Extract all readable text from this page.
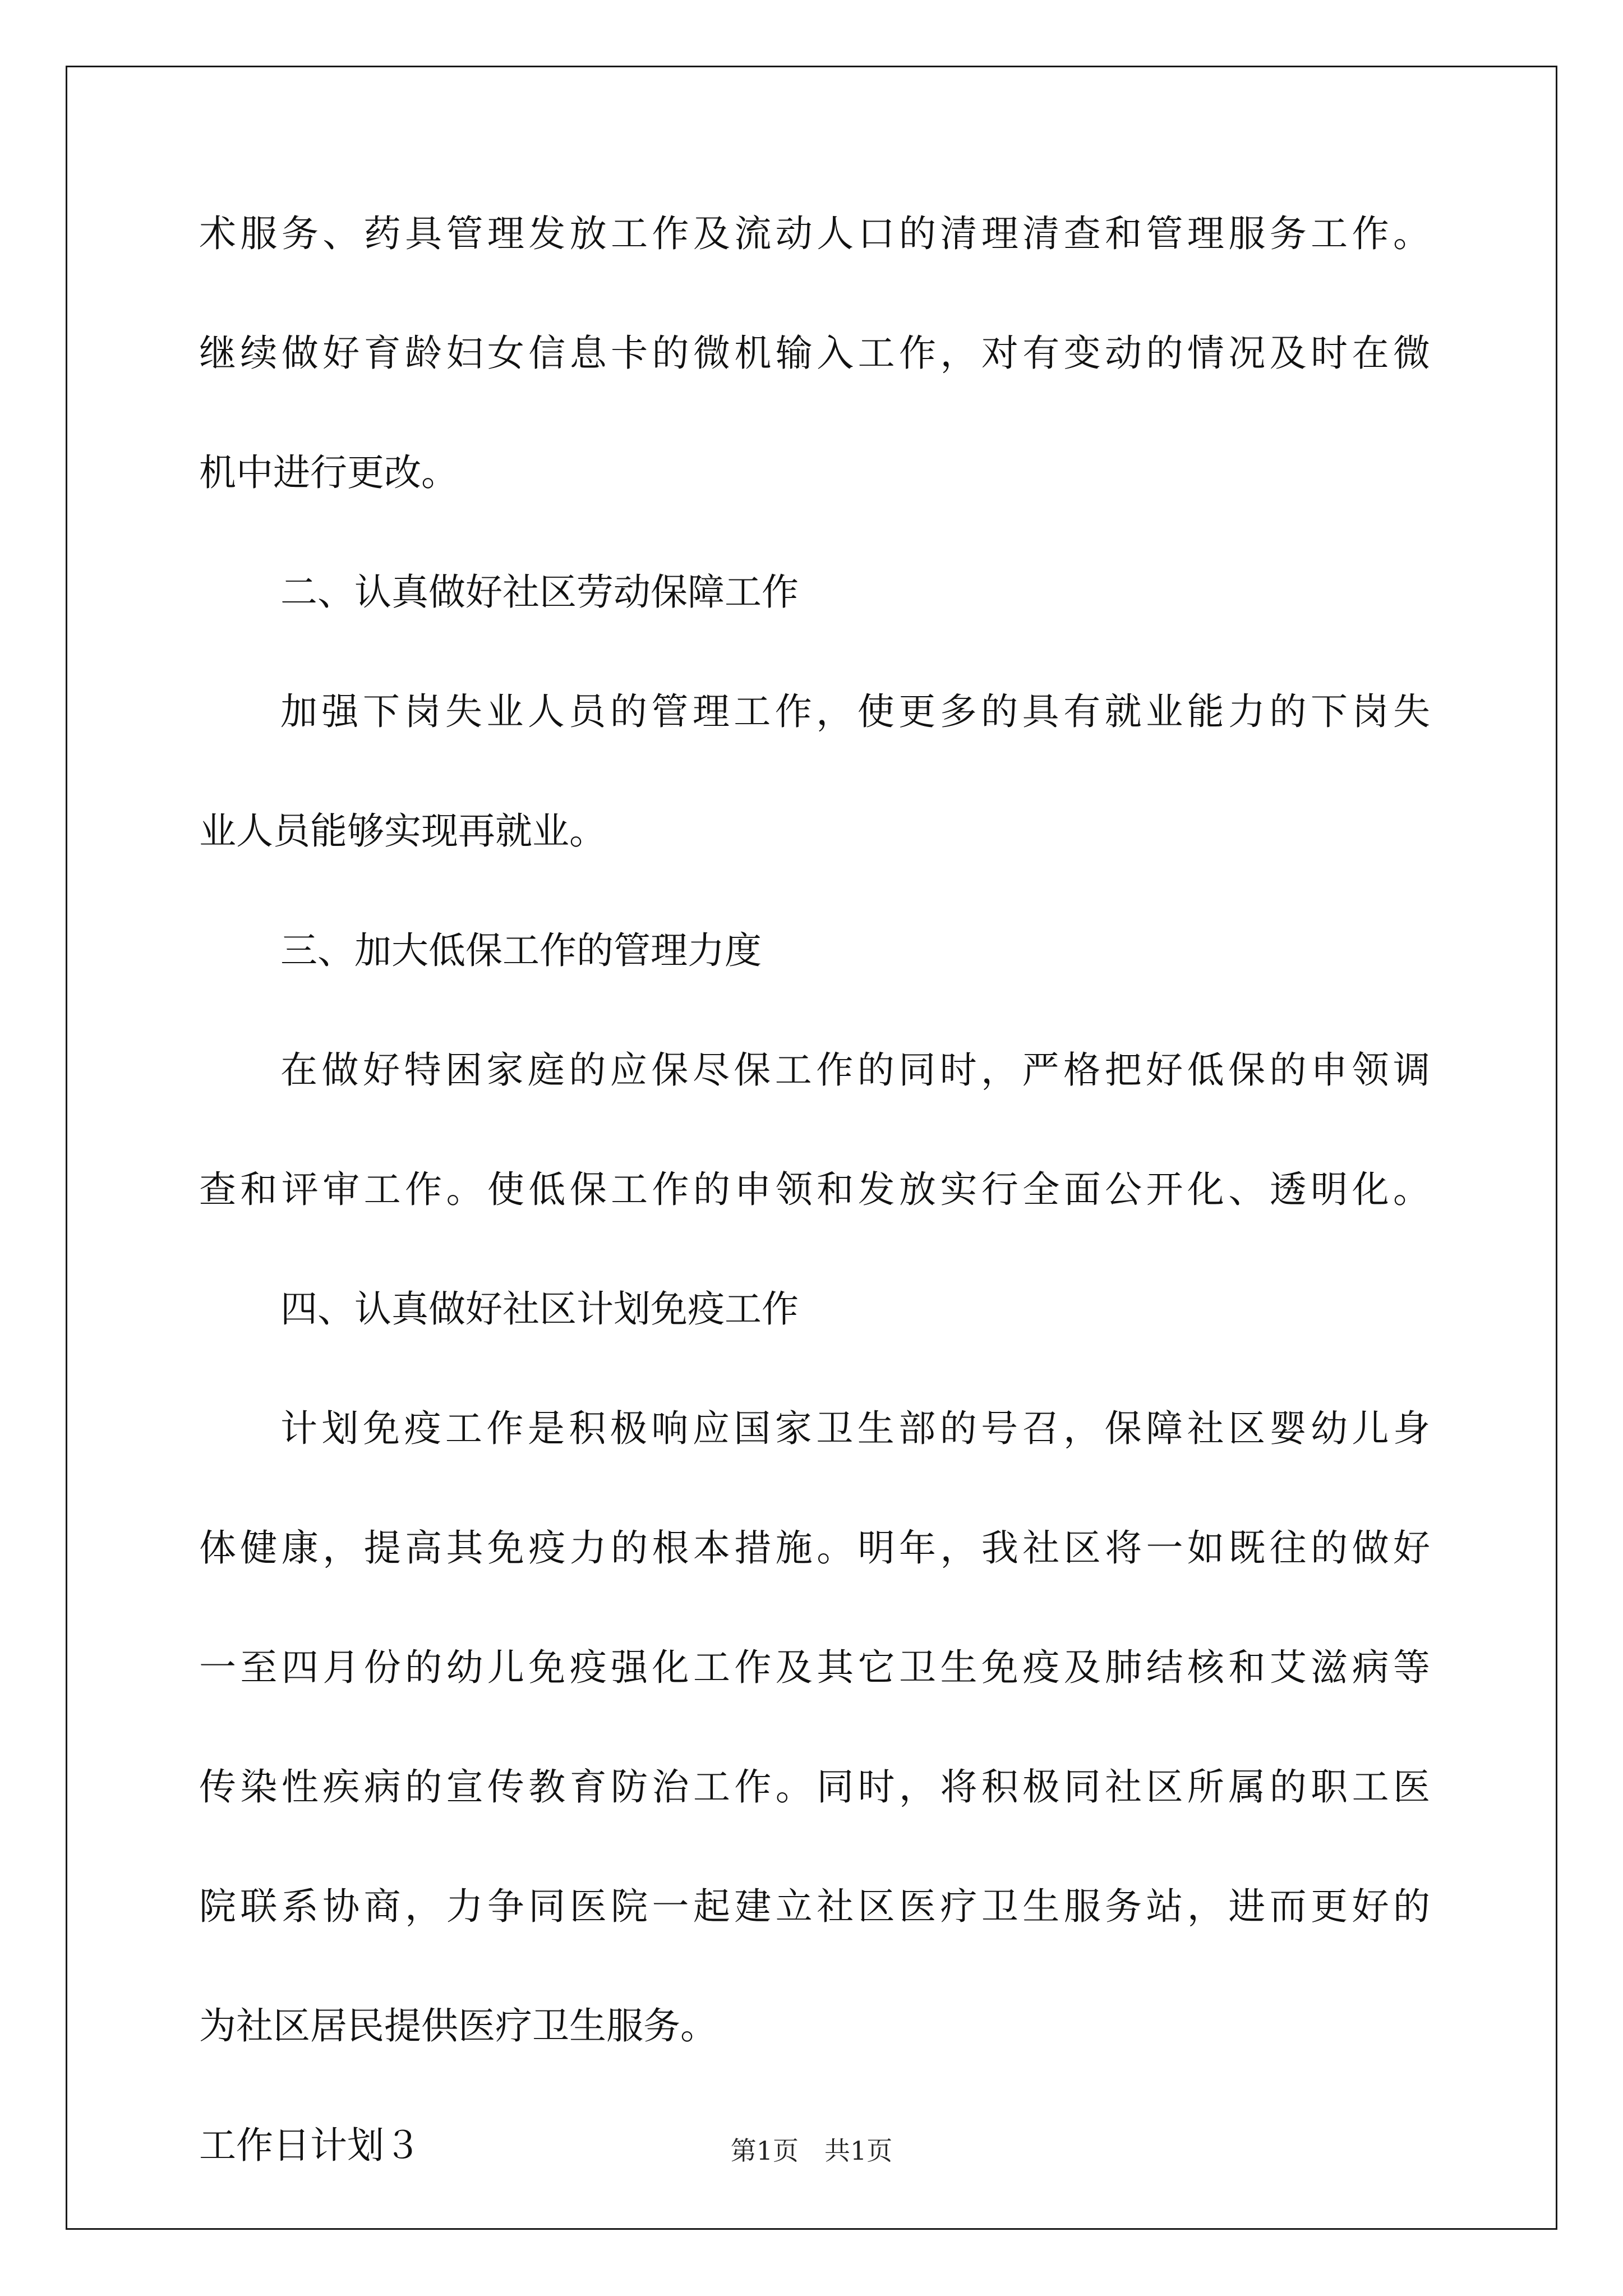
术服务、药具管理发放工作及流动人口的清理清查和管理服务工作。
继续做好育龄妇女信息卡的微机输入工作，对有变动的情况及时在微
机中进行更改。
二、认真做好社区劳动保障工作
加强下岗失业人员的管理工作，使更多的具有就业能力的下岗失
业人员能够实现再就业。
三、加大低保工作的管理力度
在做好特困家庭的应保尽保工作的同时，严格把好低保的申领调
查和评审工作。使低保工作的申领和发放实行全面公开化、透明化。
四、认真做好社区计划免疫工作
计划免疫工作是积极响应国家卫生部的号召，保障社区婴幼儿身
体健康，提高其免疫力的根本措施。明年，我社区将一如既往的做好
一至四月份的幼儿免疫强化工作及其它卫生免疫及肺结核和艾滋病等
传染性疾病的宣传教育防治工作。同时，将积极同社区所属的职工医
院联系协商，力争同医院一起建立社区医疗卫生服务站，进而更好的
为社区居民提供医疗卫生服务。
工作日计划３	第1页　共1页
